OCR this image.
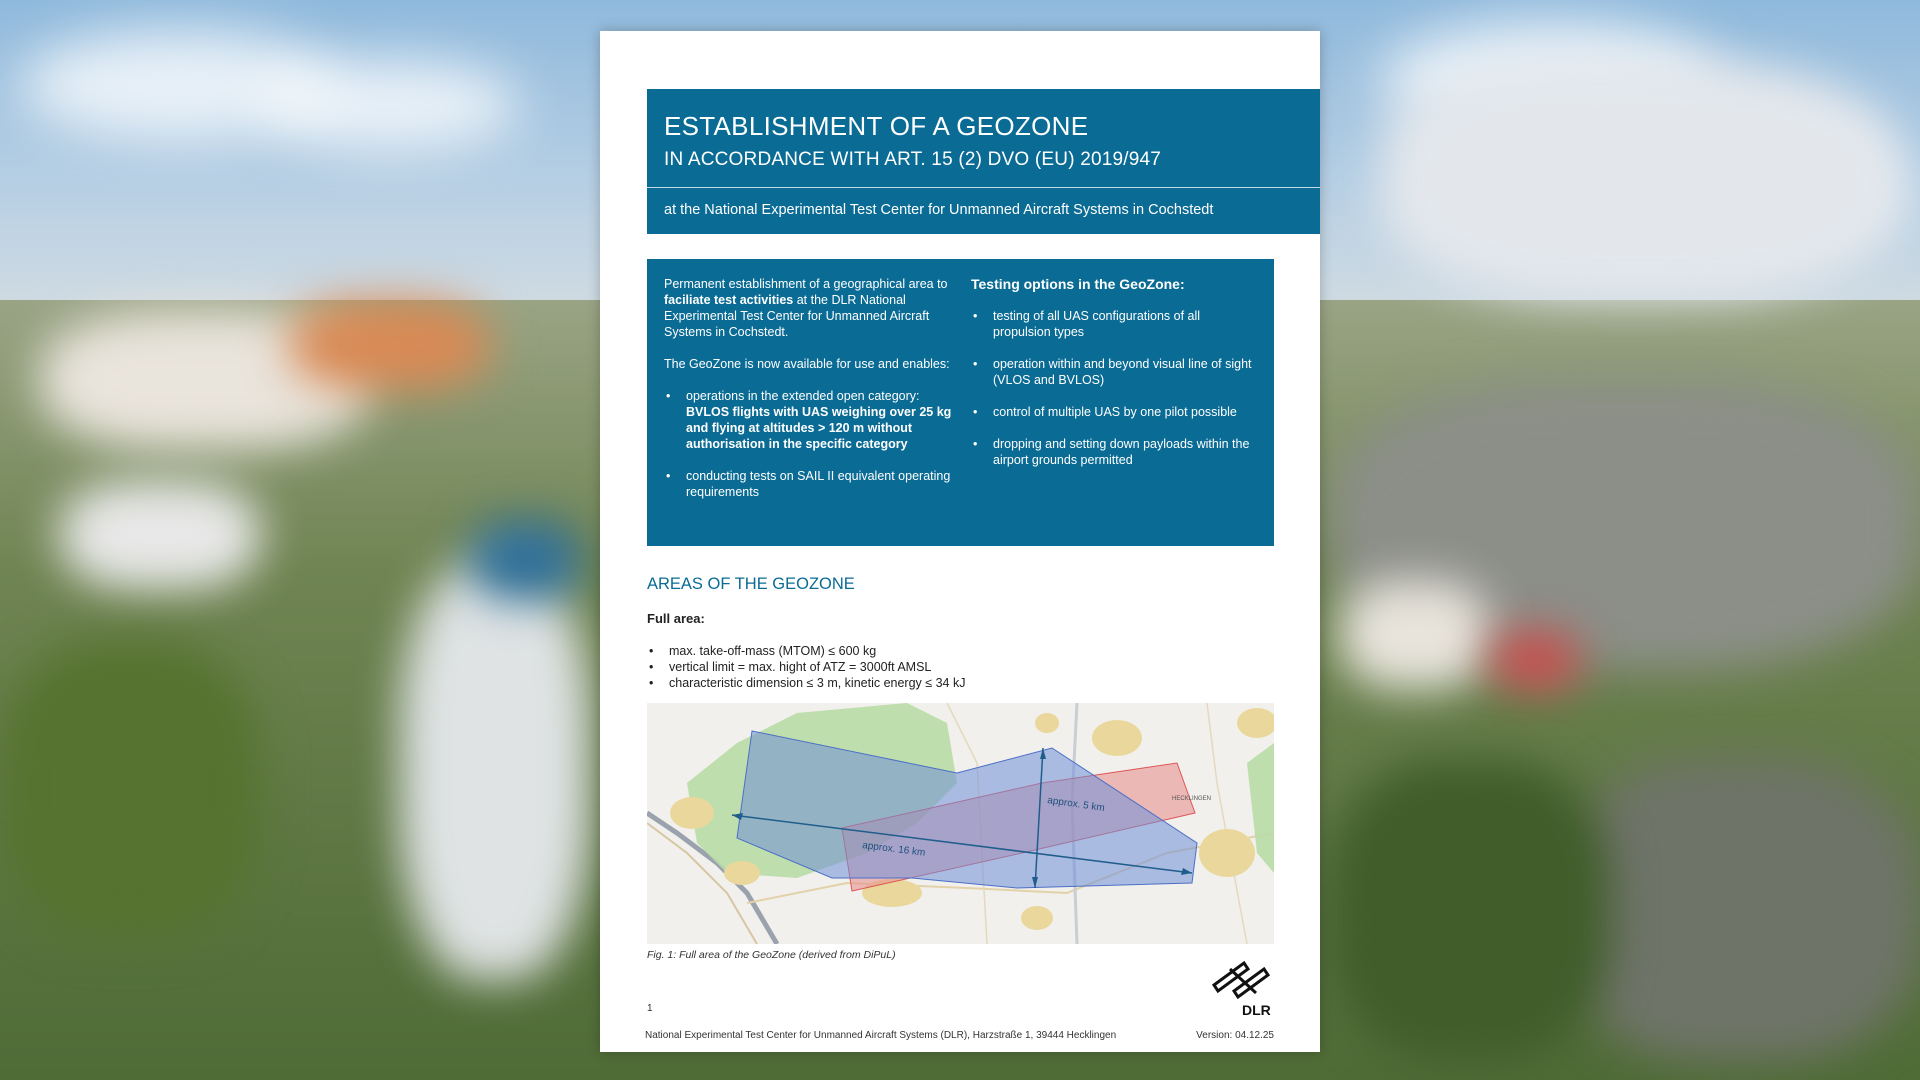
ESTABLISHMENT OF A GEOZONE
IN ACCORDANCE WITH ART. 15 (2) DVO (EU) 2019/947
at the National Experimental Test Center for Unmanned Aircraft Systems in Cochstedt

Permanent establishment of a geographical area to faciliate test activities at the DLR National Experimental Test Center for Unmanned Aircraft Systems in Cochstedt.

The GeoZone is now available for use and enables:

• operations in the extended open category: BVLOS flights with UAS weighing over 25 kg and flying at altitudes > 120 m without authorisation in the specific category
• conducting tests on SAIL II equivalent operating requirements
Testing options in the GeoZone:
• testing of all UAS configurations of all propulsion types
• operation within and beyond visual line of sight (VLOS and BVLOS)
• control of multiple UAS by one pilot possible
• dropping and setting down payloads within the airport grounds permitted
AREAS OF THE GEOZONE
Full area:
• max. take-off-mass (MTOM) ≤ 600 kg
• vertical limit = max. hight of ATZ = 3000ft AMSL
• characteristic dimension ≤ 3 m, kinetic energy ≤ 34 kJ
approx. 16 km
approx. 5 km	HECKLINGEN
Fig. 1: Full area of the GeoZone (derived from DiPuL)
DLR
1
National Experimental Test Center for Unmanned Aircraft Systems (DLR), Harzstraße 1, 39444 Hecklingen	Version: 04.12.25
